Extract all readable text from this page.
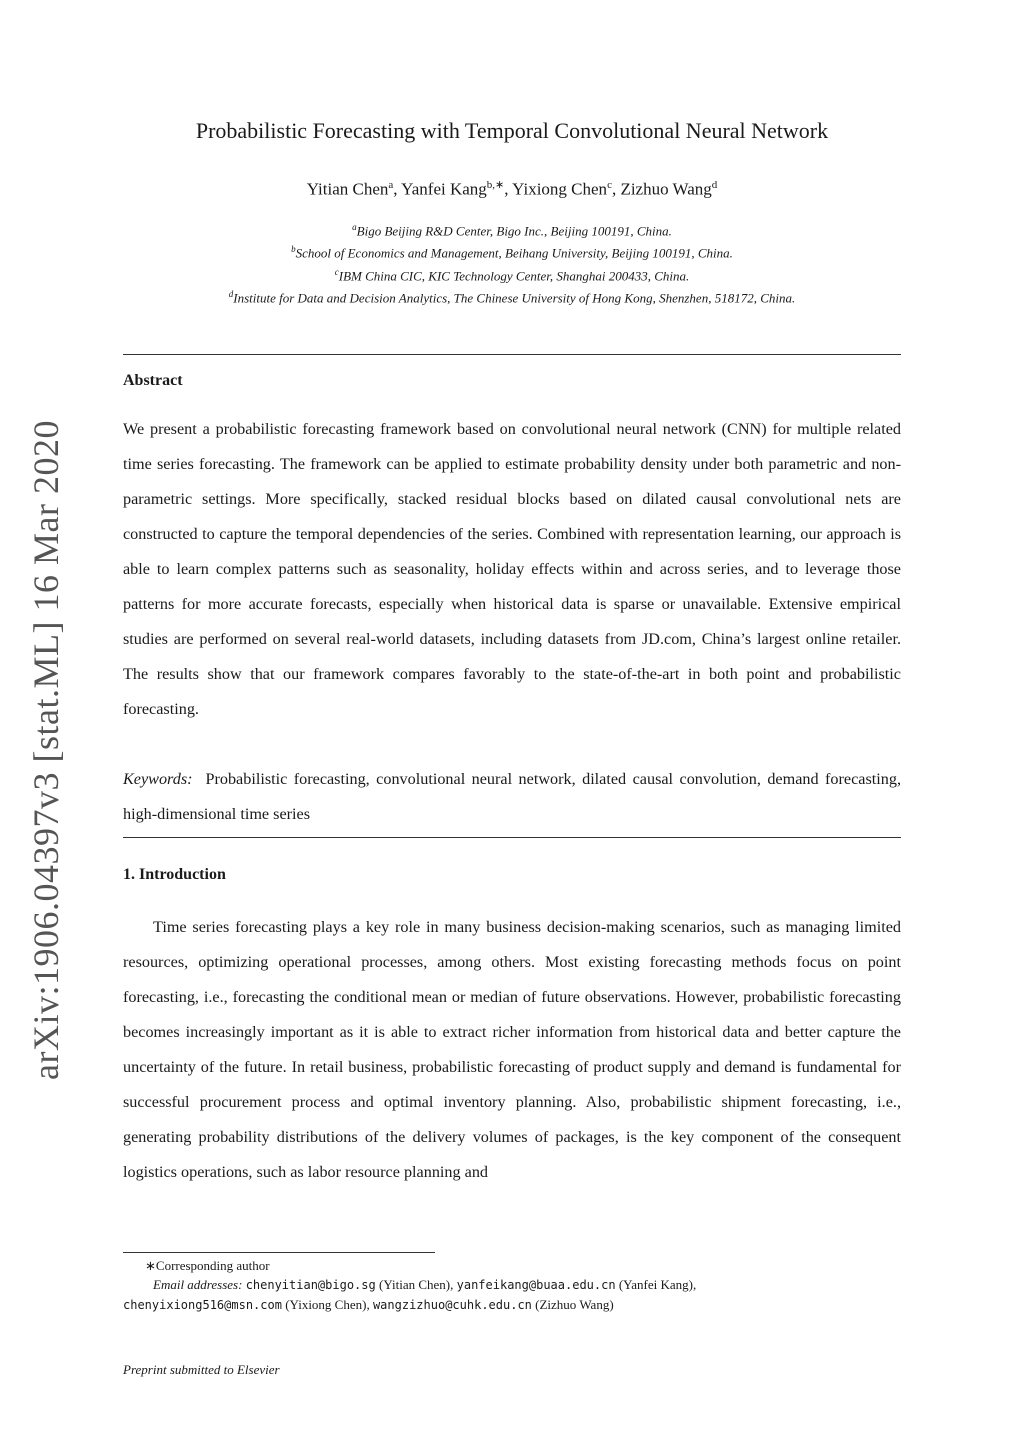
arXiv:1906.04397v3 [stat.ML] 16 Mar 2020
Probabilistic Forecasting with Temporal Convolutional Neural Network
Yitian Chen$^a$, Yanfei Kang$^{b,∗}$, Yixiong Chen$^c$, Zizhuo Wang$^d$
$^a$Bigo Beijing R&D Center, Bigo Inc., Beijing 100191, China.
$^b$School of Economics and Management, Beihang University, Beijing 100191, China.
$^c$IBM China CIC, KIC Technology Center, Shanghai 200433, China.
$^d$Institute for Data and Decision Analytics, The Chinese University of Hong Kong, Shenzhen, 518172, China.
Abstract
We present a probabilistic forecasting framework based on convolutional neural network (CNN) for multiple related time series forecasting. The framework can be applied to estimate probability density under both parametric and non-parametric settings. More specifically, stacked residual blocks based on dilated causal convolutional nets are constructed to capture the temporal dependencies of the series. Combined with representation learning, our approach is able to learn complex patterns such as seasonality, holiday effects within and across series, and to leverage those patterns for more accurate forecasts, especially when historical data is sparse or unavailable. Extensive empirical studies are performed on several real-world datasets, including datasets from JD.com, China’s largest online retailer. The results show that our framework compares favorably to the state-of-the-art in both point and probabilistic forecasting.
Keywords: Probabilistic forecasting, convolutional neural network, dilated causal convolution, demand forecasting, high-dimensional time series
1. Introduction
Time series forecasting plays a key role in many business decision-making scenarios, such as managing limited resources, optimizing operational processes, among others. Most existing forecasting methods focus on point forecasting, i.e., forecasting the conditional mean or median of future observations. However, probabilistic forecasting becomes increasingly important as it is able to extract richer information from historical data and better capture the uncertainty of the future. In retail business, probabilistic forecasting of product supply and demand is fundamental for successful procurement process and optimal inventory planning. Also, probabilistic shipment forecasting, i.e., generating probability distributions of the delivery volumes of packages, is the key component of the consequent logistics operations, such as labor resource planning and
∗Corresponding author
Email addresses: chenyitian@bigo.sg (Yitian Chen), yanfeikang@buaa.edu.cn (Yanfei Kang),
chenyixiong516@msn.com (Yixiong Chen), wangzizhuo@cuhk.edu.cn (Zizhuo Wang)
Preprint submitted to Elsevier
